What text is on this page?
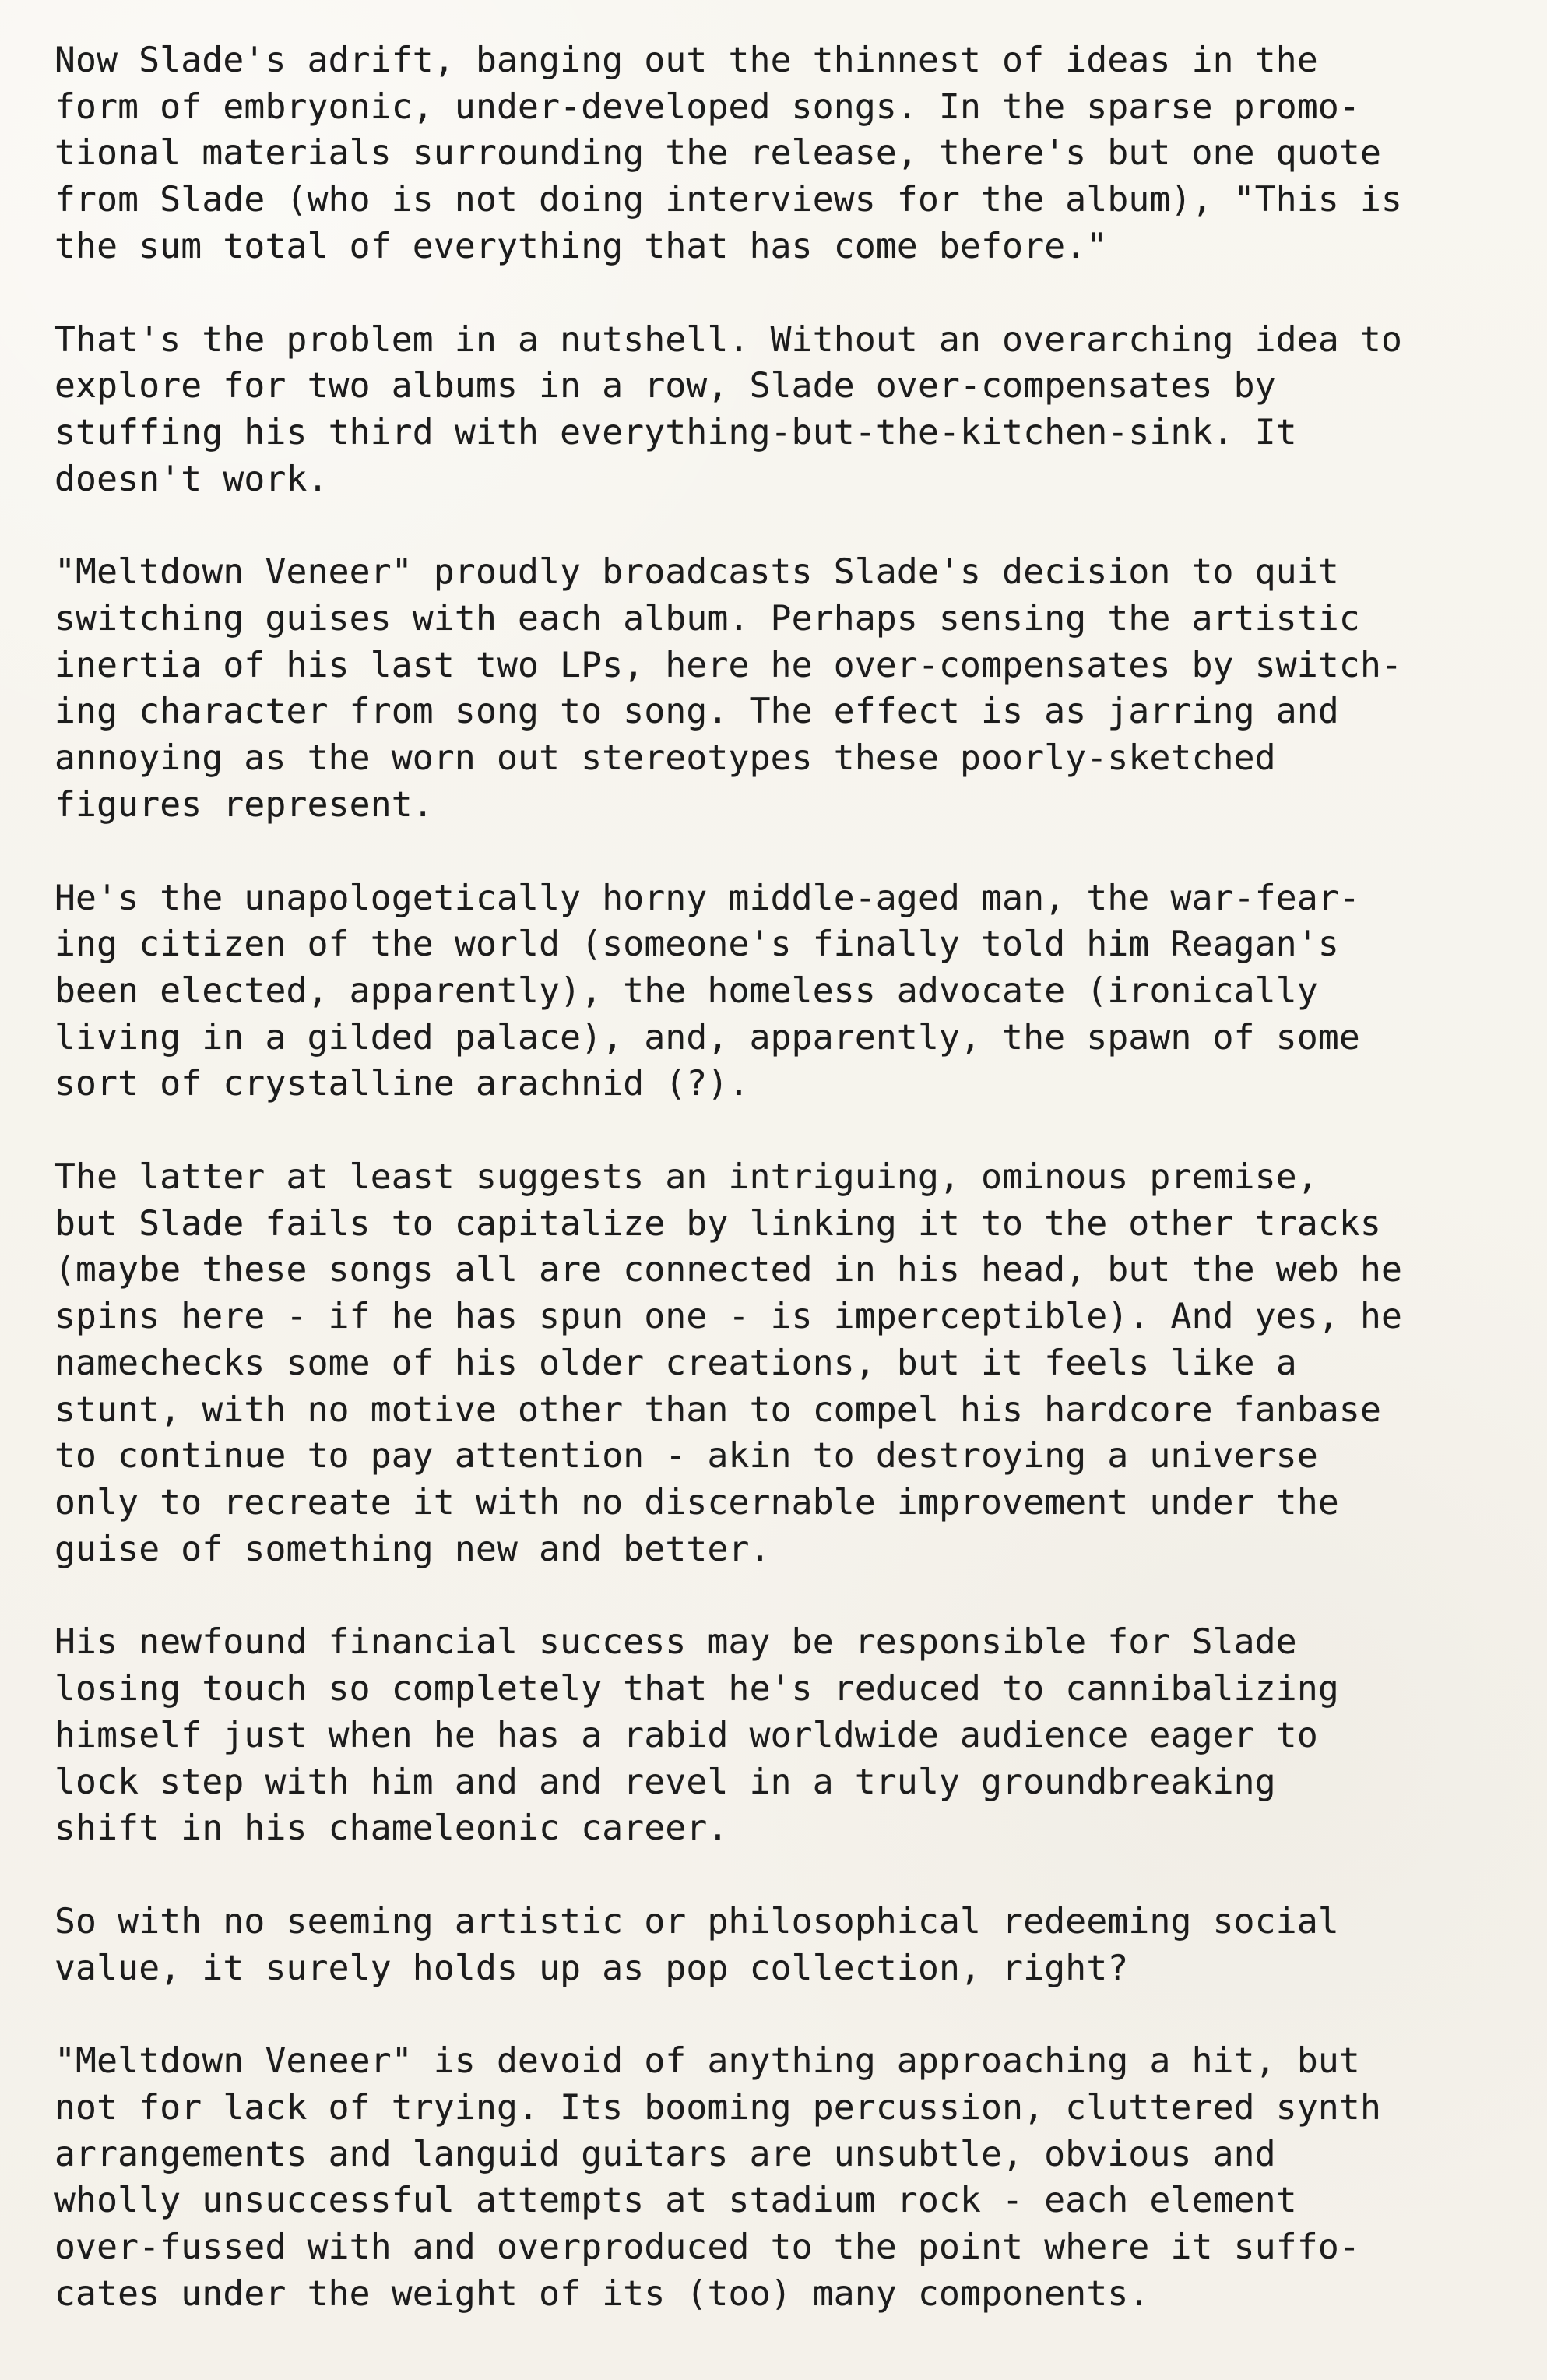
Now Slade's adrift, banging out the thinnest of ideas in the
form of embryonic, under-developed songs. In the sparse promo-
tional materials surrounding the release, there's but one quote
from Slade (who is not doing interviews for the album), "This is
the sum total of everything that has come before."

That's the problem in a nutshell. Without an overarching idea to
explore for two albums in a row, Slade over-compensates by
stuffing his third with everything-but-the-kitchen-sink. It
doesn't work.

"Meltdown Veneer" proudly broadcasts Slade's decision to quit
switching guises with each album. Perhaps sensing the artistic
inertia of his last two LPs, here he over-compensates by switch-
ing character from song to song. The effect is as jarring and
annoying as the worn out stereotypes these poorly-sketched
figures represent.

He's the unapologetically horny middle-aged man, the war-fear-
ing citizen of the world (someone's finally told him Reagan's
been elected, apparently), the homeless advocate (ironically
living in a gilded palace), and, apparently, the spawn of some
sort of crystalline arachnid (?).

The latter at least suggests an intriguing, ominous premise,
but Slade fails to capitalize by linking it to the other tracks
(maybe these songs all are connected in his head, but the web he
spins here - if he has spun one - is imperceptible). And yes, he
namechecks some of his older creations, but it feels like a
stunt, with no motive other than to compel his hardcore fanbase
to continue to pay attention - akin to destroying a universe
only to recreate it with no discernable improvement under the
guise of something new and better.

His newfound financial success may be responsible for Slade
losing touch so completely that he's reduced to cannibalizing
himself just when he has a rabid worldwide audience eager to
lock step with him and and revel in a truly groundbreaking
shift in his chameleonic career.

So with no seeming artistic or philosophical redeeming social
value, it surely holds up as pop collection, right?

"Meltdown Veneer" is devoid of anything approaching a hit, but
not for lack of trying. Its booming percussion, cluttered synth
arrangements and languid guitars are unsubtle, obvious and
wholly unsuccessful attempts at stadium rock - each element
over-fussed with and overproduced to the point where it suffo-
cates under the weight of its (too) many components.
